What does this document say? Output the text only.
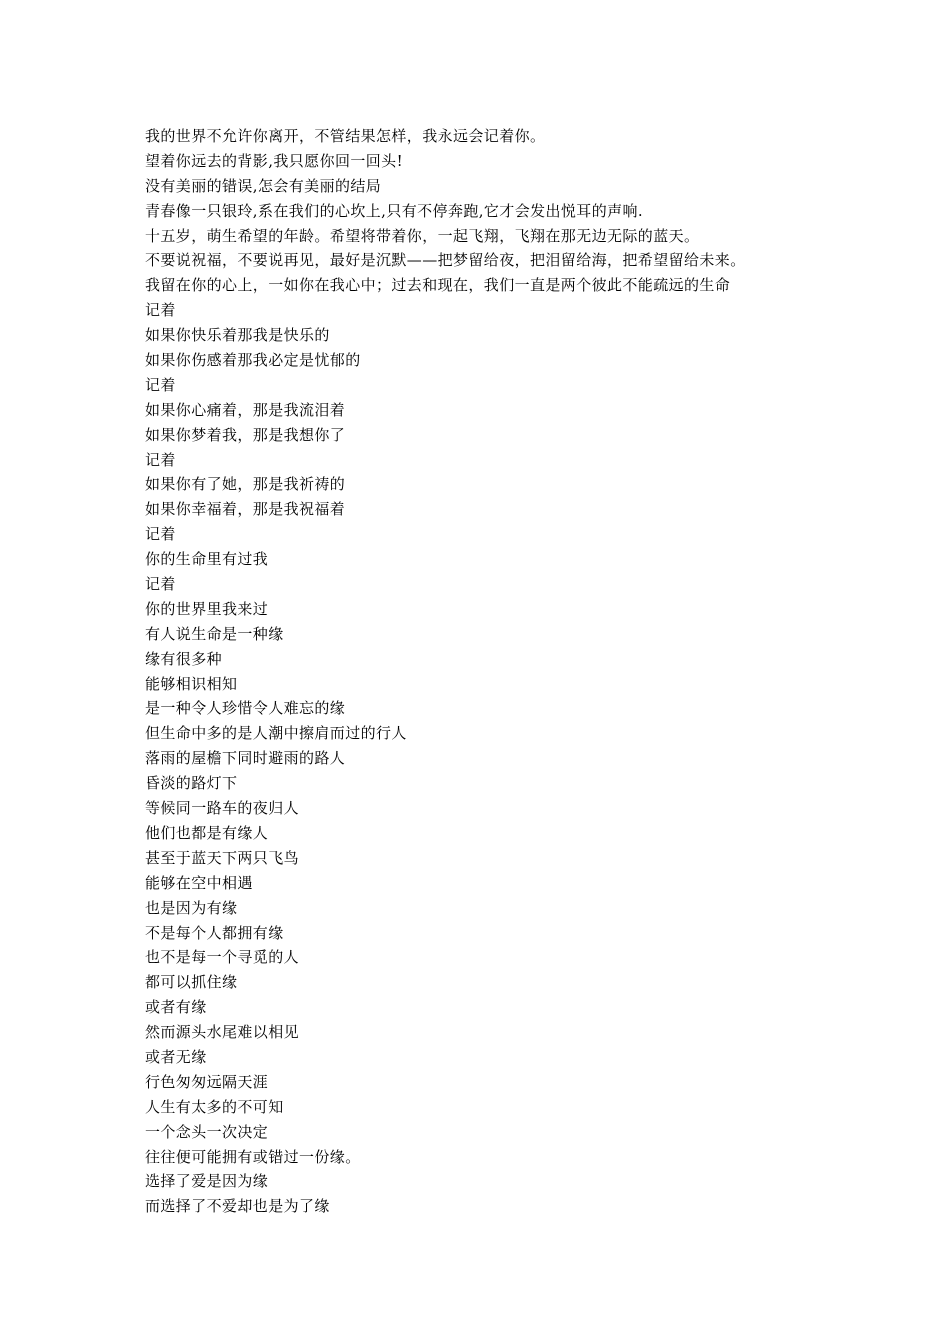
我的世界不允许你离开，不管结果怎样，我永远会记着你。
望着你远去的背影,我只愿你回一回头!
没有美丽的错误,怎会有美丽的结局
青春像一只银玲,系在我们的心坎上,只有不停奔跑,它才会发出悦耳的声响.
十五岁，萌生希望的年龄。希望将带着你，一起飞翔，飞翔在那无边无际的蓝天。
不要说祝福，不要说再见，最好是沉默——把梦留给夜，把泪留给海，把希望留给未来。
我留在你的心上，一如你在我心中；过去和现在，我们一直是两个彼此不能疏远的生命
记着
如果你快乐着那我是快乐的
如果你伤感着那我必定是忧郁的
记着
如果你心痛着，那是我流泪着
如果你梦着我，那是我想你了
记着
如果你有了她，那是我祈祷的
如果你幸福着，那是我祝福着
记着
你的生命里有过我
记着
你的世界里我来过
有人说生命是一种缘
缘有很多种
能够相识相知
是一种令人珍惜令人难忘的缘
但生命中多的是人潮中擦肩而过的行人
落雨的屋檐下同时避雨的路人
昏淡的路灯下
等候同一路车的夜归人
他们也都是有缘人
甚至于蓝天下两只飞鸟
能够在空中相遇
也是因为有缘
不是每个人都拥有缘
也不是每一个寻觅的人
都可以抓住缘
或者有缘
然而源头水尾难以相见
或者无缘
行色匆匆远隔天涯
人生有太多的不可知
一个念头一次决定
往往便可能拥有或错过一份缘。
选择了爱是因为缘
而选择了不爱却也是为了缘
